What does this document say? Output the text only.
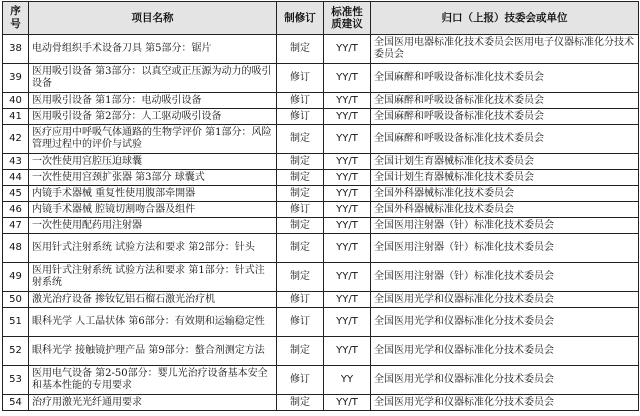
序号	项目名称	制修订	标准性质建议	归口（上报）技委会或单位
38	电动骨组织手术设备刀具 第5部分：锯片	制定	YY/T	全国医用电器标准化技术委员会医用电子仪器标准化分技术委员会
39	医用吸引设备 第3部分：以真空或正压源为动力的吸引设备	修订	YY/T	全国麻醉和呼吸设备标准化技术委员会
40	医用吸引设备 第1部分：电动吸引设备	修订	YY/T	全国麻醉和呼吸设备标准化技术委员会
41	医用吸引设备 第2部分：人工驱动吸引设备	修订	YY/T	全国麻醉和呼吸设备标准化技术委员会
42	医疗应用中呼吸气体通路的生物学评价 第1部分：风险管理过程中的评价与试验	制定	YY/T	全国麻醉和呼吸设备标准化技术委员会
43	一次性使用宫腔压迫球囊	制定	YY/T	全国计划生育器械标准化技术委员会
44	一次性使用宫颈扩张器 第3部分 球囊式	制定	YY/T	全国计划生育器械标准化技术委员会
45	内镜手术器械 重复性使用腹部牵開器	制定	YY/T	全国外科器械标准化技术委员会
46	内镜手术器械 腔镜切割吻合器及组件	修订	YY/T	全国外科器械标准化技术委员会
47	一次性使用配药用注射器	制定	YY/T	全国医用注射器（针）标准化技术委员会
48	医用针式注射系统 试验方法和要求 第2部分：针头	制定	YY/T	全国医用注射器（针）标准化技术委员会
49	医用针式注射系统 试验方法和要求 第1部分：针式注射系统	制定	YY/T	全国医用注射器（针）标准化技术委员会
50	激光治疗设备 掺钕钇铝石榴石激光治疗机	修订	YY/T	全国医用光学和仪器标准化分技术委员会
51	眼科光学 人工晶状体 第6部分：有效期和运输稳定性	修订	YY/T	全国医用光学和仪器标准化分技术委员会
52	眼科光学 接触镜护理产品 第9部分：螯合剂测定方法	制定	YY/T	全国医用光学和仪器标准化分技术委员会
53	医用电气设备 第2-50部分：婴儿光治疗设备基本安全和基本性能的专用要求	修订	YY	全国医用光学和仪器标准化分技术委员会
54	治疗用激光光纤通用要求	制定	YY/T	全国医用光学和仪器标准化分技术委员会
